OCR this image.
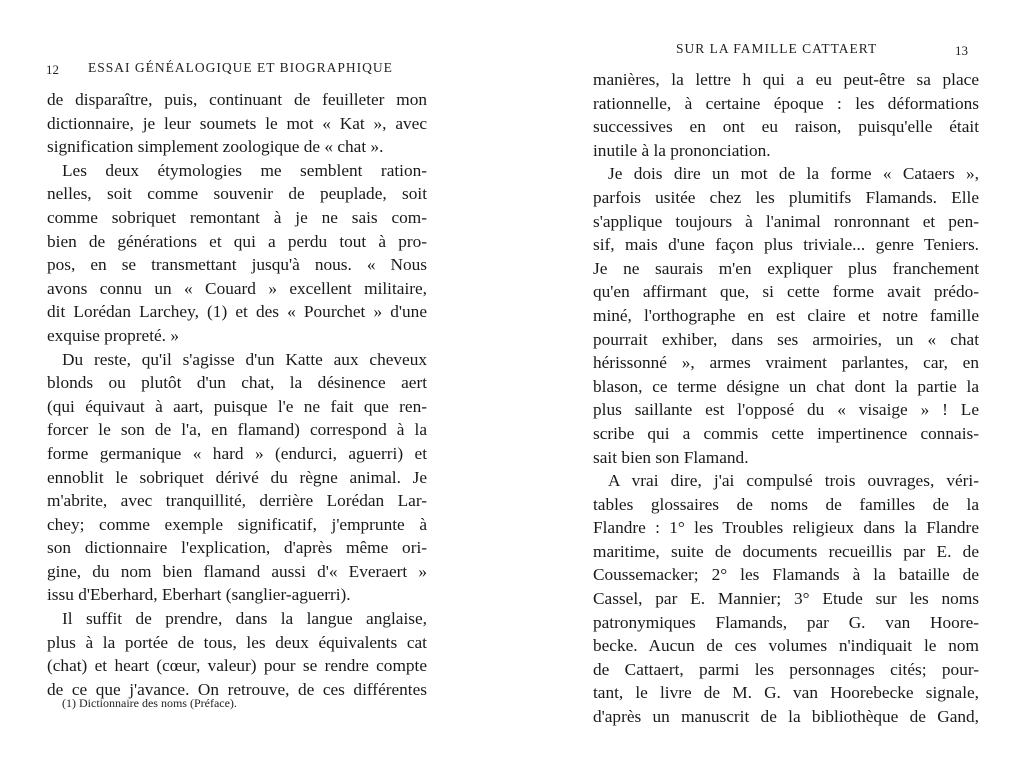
12 ESSAI GÉNÉALOGIQUE ET BIOGRAPHIQUE
de disparaître, puis, continuant de feuilleter mon
dictionnaire, je leur soumets le mot « Kat », avec
signification simplement zoologique de « chat ».
Les deux étymologies me semblent ration-
nelles, soit comme souvenir de peuplade, soit
comme sobriquet remontant à je ne sais com-
bien de générations et qui a perdu tout à pro-
pos, en se transmettant jusqu'à nous. « Nous
avons connu un « Couard » excellent militaire,
dit Lorédan Larchey, (1) et des « Pourchet » d'une
exquise propreté. »
Du reste, qu'il s'agisse d'un Katte aux cheveux
blonds ou plutôt d'un chat, la désinence aert
(qui équivaut à aart, puisque l'e ne fait que ren-
forcer le son de l'a, en flamand) correspond à la
forme germanique « hard » (endurci, aguerri) et
ennoblit le sobriquet dérivé du règne animal. Je
m'abrite, avec tranquillité, derrière Lorédan Lar-
chey; comme exemple significatif, j'emprunte à
son dictionnaire l'explication, d'après même ori-
gine, du nom bien flamand aussi d'« Everaert »
issu d'Eberhard, Eberhart (sanglier-aguerri).
Il suffit de prendre, dans la langue anglaise,
plus à la portée de tous, les deux équivalents cat
(chat) et heart (cœur, valeur) pour se rendre compte
de ce que j'avance. On retrouve, de ces différentes
(1) Dictionnaire des noms (Préface).
SUR LA FAMILLE CATTAERT	13
manières, la lettre h qui a eu peut-être sa place
rationnelle, à certaine époque : les déformations
successives en ont eu raison, puisqu'elle était
inutile à la prononciation.
Je dois dire un mot de la forme « Cataers »,
parfois usitée chez les plumitifs Flamands. Elle
s'applique toujours à l'animal ronronnant et pen-
sif, mais d'une façon plus triviale... genre Teniers.
Je ne saurais m'en expliquer plus franchement
qu'en affirmant que, si cette forme avait prédo-
miné, l'orthographe en est claire et notre famille
pourrait exhiber, dans ses armoiries, un « chat
hérissonné », armes vraiment parlantes, car, en
blason, ce terme désigne un chat dont la partie la
plus saillante est l'opposé du « visaige » ! Le
scribe qui a commis cette impertinence connais-
sait bien son Flamand.
A vrai dire, j'ai compulsé trois ouvrages, véri-
tables glossaires de noms de familles de la
Flandre : 1° les Troubles religieux dans la Flandre
maritime, suite de documents recueillis par E. de
Coussemacker; 2° les Flamands à la bataille de
Cassel, par E. Mannier; 3° Etude sur les noms
patronymiques Flamands, par G. van Hoore-
becke. Aucun de ces volumes n'indiquait le nom
de Cattaert, parmi les personnages cités; pour-
tant, le livre de M. G. van Hoorebecke signale,
d'après un manuscrit de la bibliothèque de Gand,
